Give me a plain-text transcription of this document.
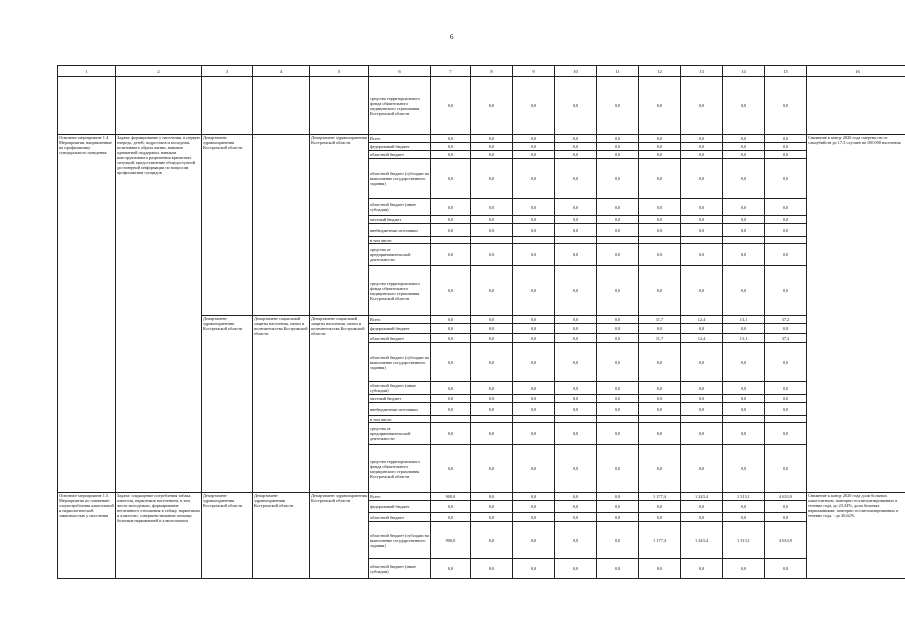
6
1	2	3	4	5	6	7	8	9	10	11	12	13	14	15	16
					средства территориального фонда обязательного медицинского страхования Костромской области	0,0	0,0	0,0	0,0	0,0	0,0	0,0	0,0	0,0	
Основное мероприятие 1.4. Мероприятия, направленные на профилактику суицидального поведения	Задача: формирование у населения, в первую очередь, детей, подростков и молодежи, позитивного образа жизни, навыков адекватной поддержки, навыков конструктивного разрешения кризисных ситуаций, предоставление общедоступной достоверной информации по вопросам профилактики суицидов	Департамент здравоохранения Костромской области	-	Департамент здравоохранения Костромской области	Всего	0,0	0,0	0,0	0,0	0,0	0,0	0,0	0,0	0,0	Снижение к концу 2020 года смертности от самоубийств до 17,5 случаев на 100 000 населения
					федеральный бюджет	0,0	0,0	0,0	0,0	0,0	0,0	0,0	0,0	0,0	
					областной бюджет	0,0	0,0	0,0	0,0	0,0	0,0	0,0	0,0	0,0	
					областной бюджет (субсидии на выполнение государственного задания)	0,0	0,0	0,0	0,0	0,0	0,0	0,0	0,0	0,0	
					областной бюджет (иные субсидии)	0,0	0,0	0,0	0,0	0,0	0,0	0,0	0,0	0,0	
					местный бюджет	0,0	0,0	0,0	0,0	0,0	0,0	0,0	0,0	0,0	
					внебюджетные источники	0,0	0,0	0,0	0,0	0,0	0,0	0,0	0,0	0,0	
					в том числе:										
					средства от предпринимательской деятельности	0,0	0,0	0,0	0,0	0,0	0,0	0,0	0,0	0,0	
					средства территориального фонда обязательного медицинского страхования Костромской области	0,0	0,0	0,0	0,0	0,0	0,0	0,0	0,0	0,0	
		Департамент здравоохранения Костромской области	Департамент социальной защиты населения, опеки и попечительства Костромской области	Департамент социальной защиты населения, опеки и попечительства Костромской области	Всего	0,0	0,0	0,0	0,0	0,0	11,7	12,4	13,1	37,2	
					федеральный бюджет	0,0	0,0	0,0	0,0	0,0	0,0	0,0	0,0	0,0	
					областной бюджет	0,0	0,0	0,0	0,0	0,0	11,7	12,4	13,1	37,2	
					областной бюджет (субсидии на выполнение государственного задания)	0,0	0,0	0,0	0,0	0,0	0,0	0,0	0,0	0,0	
					областной бюджет (иные субсидии)	0,0	0,0	0,0	0,0	0,0	0,0	0,0	0,0	0,0	
					местный бюджет	0,0	0,0	0,0	0,0	0,0	0,0	0,0	0,0	0,0	
					внебюджетные источники	0,0	0,0	0,0	0,0	0,0	0,0	0,0	0,0	0,0	
					в том числе:										
					средства от предпринимательской деятельности	0,0	0,0	0,0	0,0	0,0	0,0	0,0	0,0	0,0	
					средства территориального фонда обязательного медицинского страхования Костромской области	0,0	0,0	0,0	0,0	0,0	0,0	0,0	0,0	0,0	
Основное мероприятие 1.5. Мероприятия по снижению злоупотребления алкогольной и наркологической зависимостью у населения	Задача: сокращение потребления табака, алкоголя, наркотиков населением, в том числе молодежью, формирование негативного отношения к табаку, наркотикам и алкоголю, совершенствование помощи больным наркоманией и алкоголизмом	Департамент здравоохранения Костромской области	Департамент здравоохранения Костромской области	Департамент здравоохранения Костромской области	Всего	900,0	0,0	0,0	0,0	0,0	1 177,4	1 243,4	1 313,1	4 633,9	Снижение к концу 2020 года доли больных алкоголизмом, повторно госпитализированных в течение года, до 23,34%, доли больных наркоманиями, повторно госпитализированных в течение года, - до 26,62%
					федеральный бюджет	0,0	0,0	0,0	0,0	0,0	0,0	0,0	0,0	0,0	
					областной бюджет	0,0	0,0	0,0	0,0	0,0	0,0	0,0	0,0	0,0	
					областной бюджет (субсидии на выполнение государственного задания)	900,0	0,0	0,0	0,0	0,0	1 177,4	1 243,4	1 313,1	4 633,9	
					областной бюджет (иные субсидии)	0,0	0,0	0,0	0,0	0,0	0,0	0,0	0,0	0,0	
